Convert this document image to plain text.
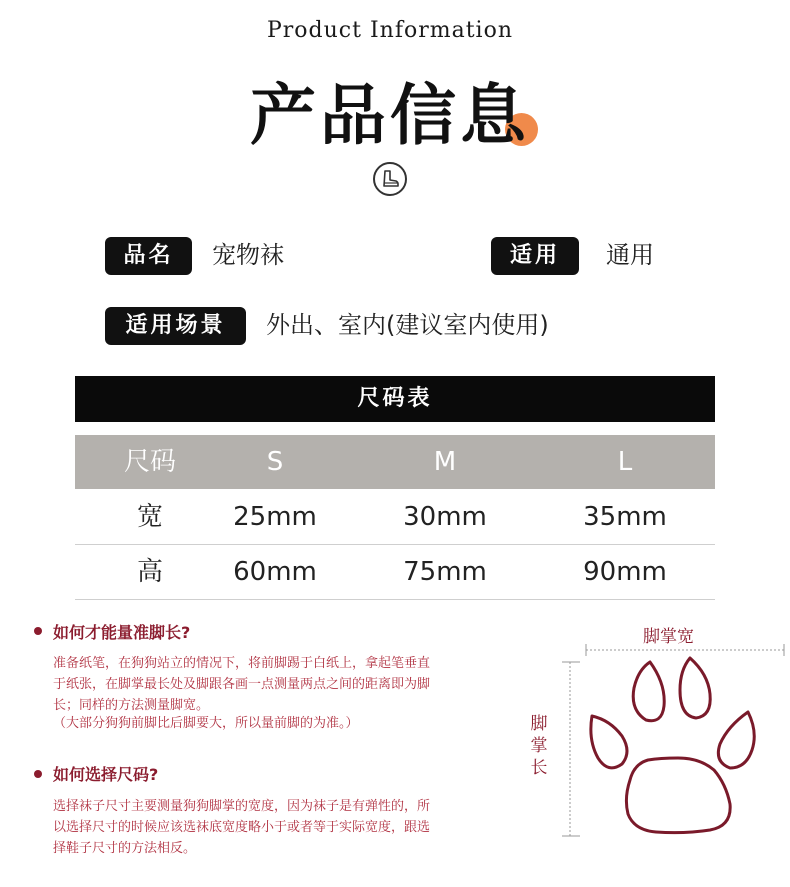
Product Information
产品信息
品名	宠物袜	适用	通用
适用场景	外出、室内(建议室内使用)
尺码表
尺码	S	M	L
宽	25mm	30mm	35mm
高	60mm	75mm	90mm
如何才能量准脚长?
准备纸笔，在狗狗站立的情况下，将前脚踢于白纸上，拿起笔垂直
于纸张，在脚掌最长处及脚跟各画一点测量两点之间的距离即为脚
长；同样的方法测量脚宽。
（大部分狗狗前脚比后脚要大，所以量前脚的为准。）
如何选择尺码?
选择袜子尺寸主要测量狗狗脚掌的宽度，因为袜子是有弹性的，所
以选择尺寸的时候应该选袜底宽度略小于或者等于实际宽度，跟选
择鞋子尺寸的方法相反。
脚掌宽
脚
掌
长
